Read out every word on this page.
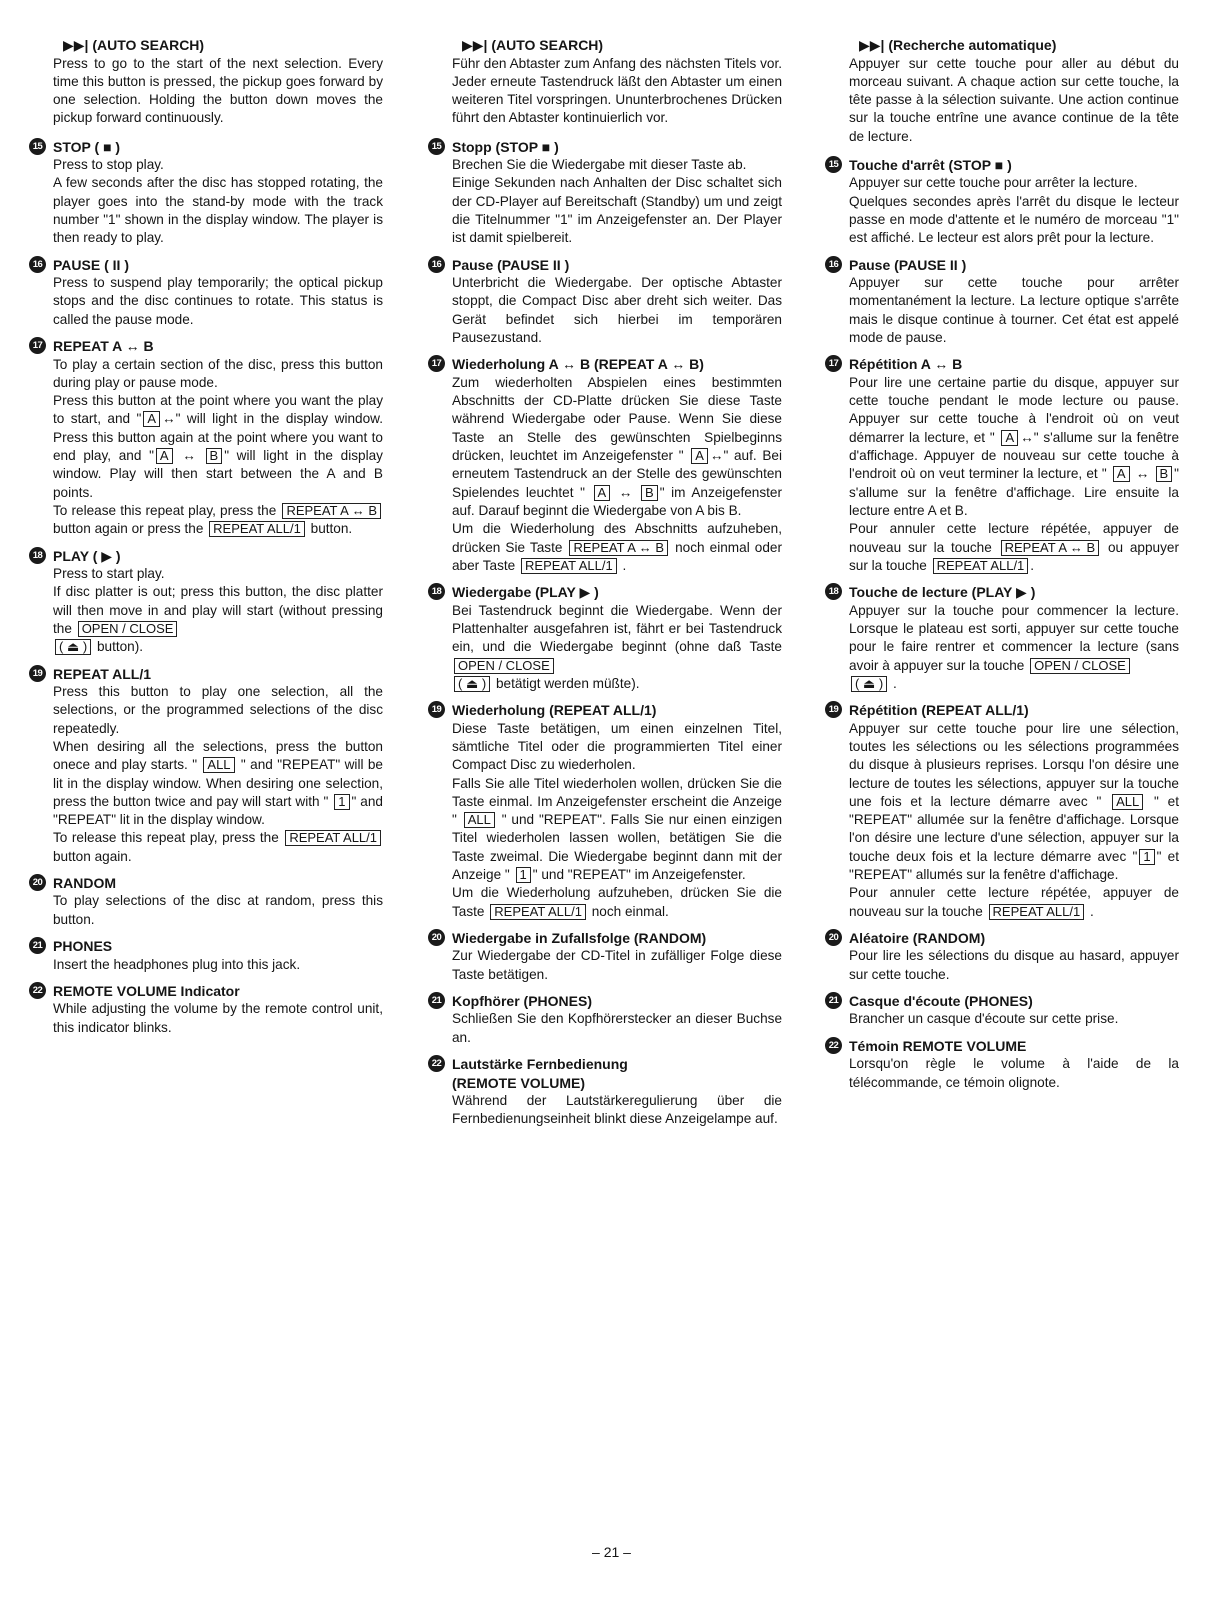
▶▶| (AUTO SEARCH)
Press to go to the start of the next selection. Every time this button is pressed, the pickup goes forward by one selection. Holding the button down moves the pickup forward continuously.
15 STOP ( ■ )
Press to stop play.
A few seconds after the disc has stopped rotating, the player goes into the stand-by mode with the track number "1" shown in the display window. The player is then ready to play.
16 PAUSE ( II )
Press to suspend play temporarily; the optical pickup stops and the disc continues to rotate. This status is called the pause mode.
17 REPEAT A ↔ B
To play a certain section of the disc, press this button during play or pause mode.
Press this button at the point where you want the play to start, and " A ↔" will light in the display window. Press this button again at the point where you want to end play, and " A ↔ B " will light in the display window. Play will then start between the A and B points.
To release this repeat play, press the REPEAT A ↔ B button again or press the REPEAT ALL/1 button.
18 PLAY ( ▶ )
Press to start play.
If disc platter is out; press this button, the disc platter will then move in and play will start (without pressing the OPEN / CLOSE
( ⏏ ) button).
19 REPEAT ALL/1
Press this button to play one selection, all the selections, or the programmed selections of the disc repeatedly.
When desiring all the selections, press the button onece and play starts. " ALL " and "REPEAT" will be lit in the display window. When desiring one selection, press the button twice and pay will start with " 1 " and "REPEAT" lit in the display window.
To release this repeat play, press the REPEAT ALL/1 button again.
20 RANDOM
To play selections of the disc at random, press this button.
21 PHONES
Insert the headphones plug into this jack.
22 REMOTE VOLUME Indicator
While adjusting the volume by the remote control unit, this indicator blinks.
▶▶| (AUTO SEARCH)
Führ den Abtaster zum Anfang des nächsten Titels vor. Jeder erneute Tastendruck läßt den Abtaster um einen weiteren Titel vorspringen. Ununterbrochenes Drücken führt den Abtaster kontinuierlich vor.
15 Stopp (STOP ■ )
Brechen Sie die Wiedergabe mit dieser Taste ab.
Einige Sekunden nach Anhalten der Disc schaltet sich der CD-Player auf Bereitschaft (Standby) um und zeigt die Titelnummer "1" im Anzeigefenster an. Der Player ist damit spielbereit.
16 Pause (PAUSE II )
Unterbricht die Wiedergabe. Der optische Abtaster stoppt, die Compact Disc aber dreht sich weiter. Das Gerät befindet sich hierbei im temporären Pausezustand.
17 Wiederholung A ↔ B (REPEAT A ↔ B)
Zum wiederholten Abspielen eines bestimmten Abschnitts der CD-Platte drücken Sie diese Taste während Wiedergabe oder Pause. Wenn Sie diese Taste an Stelle des gewünschten Spielbeginns drücken, leuchtet im Anzeigefenster " A ↔" auf. Bei erneutem Tastendruck an der Stelle des gewünschten Spielendes leuchtet " A ↔ B " im Anzeigefenster auf. Darauf beginnt die Wiedergabe von A bis B.
Um die Wiederholung des Abschnitts aufzuheben, drücken Sie Taste REPEAT A ↔ B noch einmal oder aber Taste REPEAT ALL/1 .
18 Wiedergabe (PLAY ▶ )
Bei Tastendruck beginnt die Wiedergabe. Wenn der Plattenhalter ausgefahren ist, fährt er bei Tastendruck ein, und die Wiedergabe beginnt (ohne daß Taste OPEN / CLOSE
( ⏏ ) betätigt werden müßte).
19 Wiederholung (REPEAT ALL/1)
Diese Taste betätigen, um einen einzelnen Titel, sämtliche Titel oder die programmierten Titel einer Compact Disc zu wiederholen.
Falls Sie alle Titel wiederholen wollen, drücken Sie die Taste einmal. Im Anzeigefenster erscheint die Anzeige " ALL " und "REPEAT". Falls Sie nur einen einzigen Titel wiederholen lassen wollen, betätigen Sie die Taste zweimal. Die Wiedergabe beginnt dann mit der Anzeige " 1 " und "REPEAT" im Anzeigefenster.
Um die Wiederholung aufzuheben, drücken Sie die Taste REPEAT ALL/1 noch einmal.
20 Wiedergabe in Zufallsfolge (RANDOM)
Zur Wiedergabe der CD-Titel in zufälliger Folge diese Taste betätigen.
21 Kopfhörer (PHONES)
Schließen Sie den Kopfhörerstecker an dieser Buchse an.
22 Lautstärke Fernbedienung
(REMOTE VOLUME)
Während der Lautstärkeregulierung über die Fernbedienungseinheit blinkt diese Anzeigelampe auf.
▶▶| (Recherche automatique)
Appuyer sur cette touche pour aller au début du morceau suivant. A chaque action sur cette touche, la tête passe à la sélection suivante. Une action continue sur la touche entrîne une avance continue de la tête de lecture.
15 Touche d'arrêt (STOP ■ )
Appuyer sur cette touche pour arrêter la lecture.
Quelques secondes après l'arrêt du disque le lecteur passe en mode d'attente et le numéro de morceau "1" est affiché. Le lecteur est alors prêt pour la lecture.
16 Pause (PAUSE II )
Appuyer sur cette touche pour arrêter momentanément la lecture. La lecture optique s'arrête mais le disque continue à tourner. Cet état est appelé mode de pause.
17 Répétition A ↔ B
Pour lire une certaine partie du disque, appuyer sur cette touche pendant le mode lecture ou pause. Appuyer sur cette touche à l'endroit où on veut démarrer la lecture, et " A ↔" s'allume sur la fenêtre d'affichage. Appuyer de nouveau sur cette touche à l'endroit où on veut terminer la lecture, et " A ↔ B " s'allume sur la fenêtre d'affichage. Lire ensuite la lecture entre A et B.
Pour annuler cette lecture répétée, appuyer de nouveau sur la touche REPEAT A ↔ B ou appuyer sur la touche REPEAT ALL/1 .
18 Touche de lecture (PLAY ▶ )
Appuyer sur la touche pour commencer la lecture. Lorsque le plateau est sorti, appuyer sur cette touche pour le faire rentrer et commencer la lecture (sans avoir à appuyer sur la touche OPEN / CLOSE
( ⏏ ) .
19 Répétition (REPEAT ALL/1)
Appuyer sur cette touche pour lire une sélection, toutes les sélections ou les sélections programmées du disque à plusieurs reprises. Lorsqu l'on désire une lecture de toutes les sélections, appuyer sur la touche une fois et la lecture démarre avec " ALL " et "REPEAT" allumée sur la fenêtre d'affichage. Lorsque l'on désire une lecture d'une sélection, appuyer sur la touche deux fois et la lecture démarre avec " 1 " et "REPEAT" allumés sur la fenêtre d'affichage.
Pour annuler cette lecture répétée, appuyer de nouveau sur la touche REPEAT ALL/1 .
20 Aléatoire (RANDOM)
Pour lire les sélections du disque au hasard, appuyer sur cette touche.
21 Casque d'écoute (PHONES)
Brancher un casque d'écoute sur cette prise.
22 Témoin REMOTE VOLUME
Lorsqu'on règle le volume à l'aide de la télécommande, ce témoin olignote.
– 21 –
